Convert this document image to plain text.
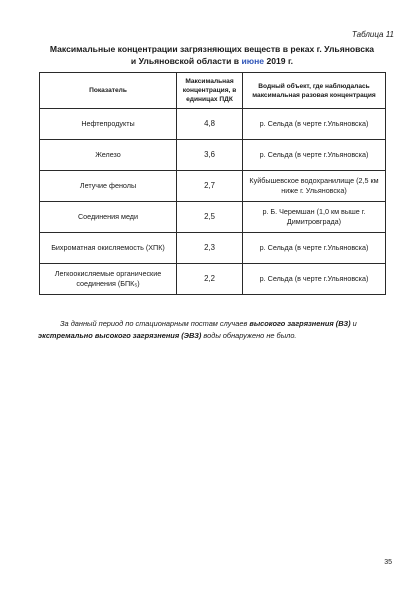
Таблица 11
Максимальные концентрации загрязняющих веществ в реках г. Ульяновска
и Ульяновской области в июне 2019 г.
Показатель	Максимальная концентрация, в единицах ПДК	Водный объект, где наблюдалась максимальная разовая концентрация
Нефтепродукты	4,8	р. Сельда (в черте г.Ульяновска)
Железо	3,6	р. Сельда (в черте г.Ульяновска)
Летучие фенолы	2,7	Куйбышевское водохранилище (2,5 км ниже г. Ульяновска)
Соединения меди	2,5	р. Б. Черемшан (1,0 км выше г. Димитровграда)
Бихроматная окисляемость (ХПК)	2,3	р. Сельда (в черте г.Ульяновска)
Легкоокисляемые органические соединения (БПК₅)	2,2	р. Сельда (в черте г.Ульяновска)
За данный период по стационарным постам случаев высокого загрязнения (ВЗ) и экстремально высокого загрязнения (ЭВЗ) воды обнаружено не было.
35
